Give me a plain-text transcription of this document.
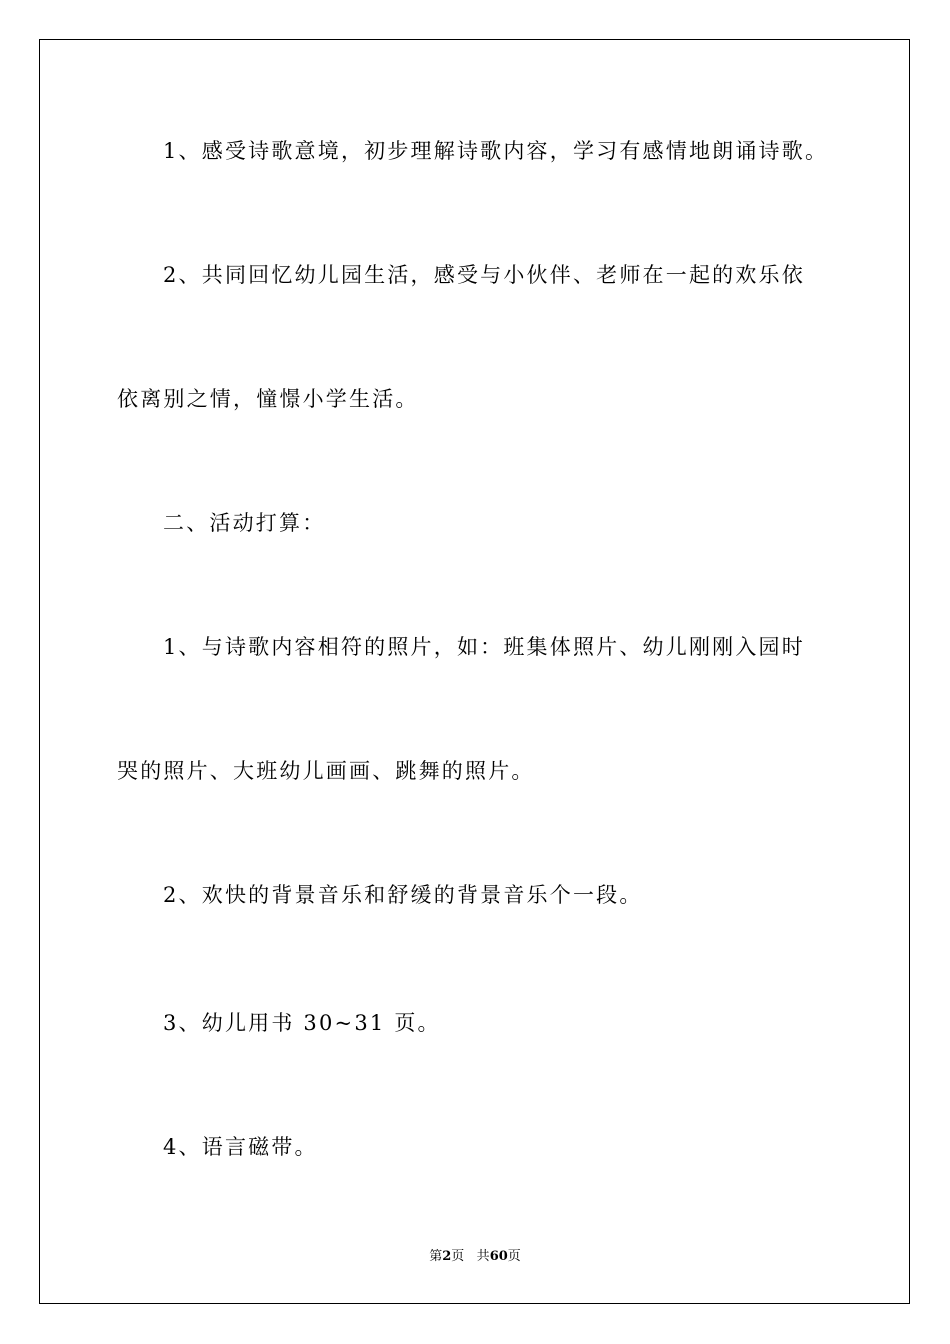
1、感受诗歌意境，初步理解诗歌内容，学习有感情地朗诵诗歌。
2、共同回忆幼儿园生活，感受与小伙伴、老师在一起的欢乐依
依离别之情，憧憬小学生活。
二、活动打算：
1、与诗歌内容相符的照片，如：班集体照片、幼儿刚刚入园时
哭的照片、大班幼儿画画、跳舞的照片。
2、欢快的背景音乐和舒缓的背景音乐个一段。
3、幼儿用书 30~31 页。
4、语言磁带。
第2页 共60页
